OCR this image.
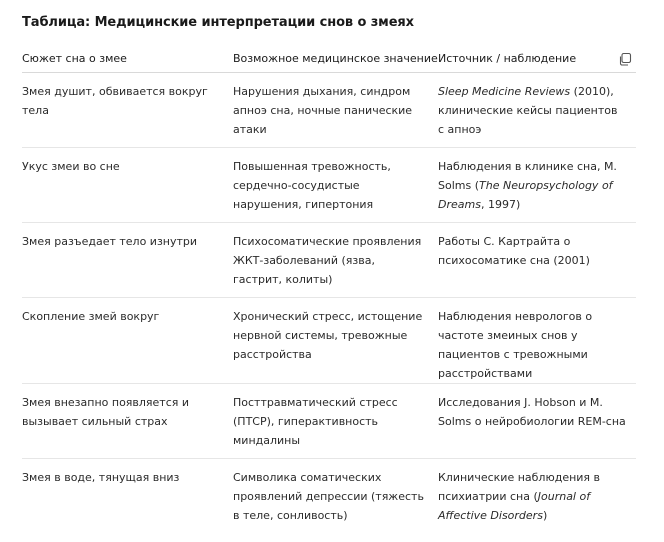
Таблица: Медицинские интерпретации снов о змеях
Сюжет сна о змее	Возможное медицинское значение	Источник / наблюдение
Змея душит, обвивается вокруг тела	Нарушения дыхания, синдром апноэ сна, ночные панические атаки	Sleep Medicine Reviews (2010), клинические кейсы пациентов с апноэ
Укус змеи во сне	Повышенная тревожность, сердечно-сосудистые нарушения, гипертония	Наблюдения в клинике сна, M. Solms (The Neuropsychology of Dreams, 1997)
Змея разъедает тело изнутри	Психосоматические проявления ЖКТ-заболеваний (язва, гастрит, колиты)	Работы С. Картрайта о психосоматике сна (2001)
Скопление змей вокруг	Хронический стресс, истощение нервной системы, тревожные расстройства	Наблюдения неврологов о частоте змеиных снов у пациентов с тревожными расстройствами
Змея внезапно появляется и вызывает сильный страх	Посттравматический стресс (ПТСР), гиперактивность миндалины	Исследования J. Hobson и M. Solms о нейробиологии REM-сна
Змея в воде, тянущая вниз	Символика соматических проявлений депрессии (тяжесть в теле, сонливость)	Клинические наблюдения в психиатрии сна (Journal of Affective Disorders)
